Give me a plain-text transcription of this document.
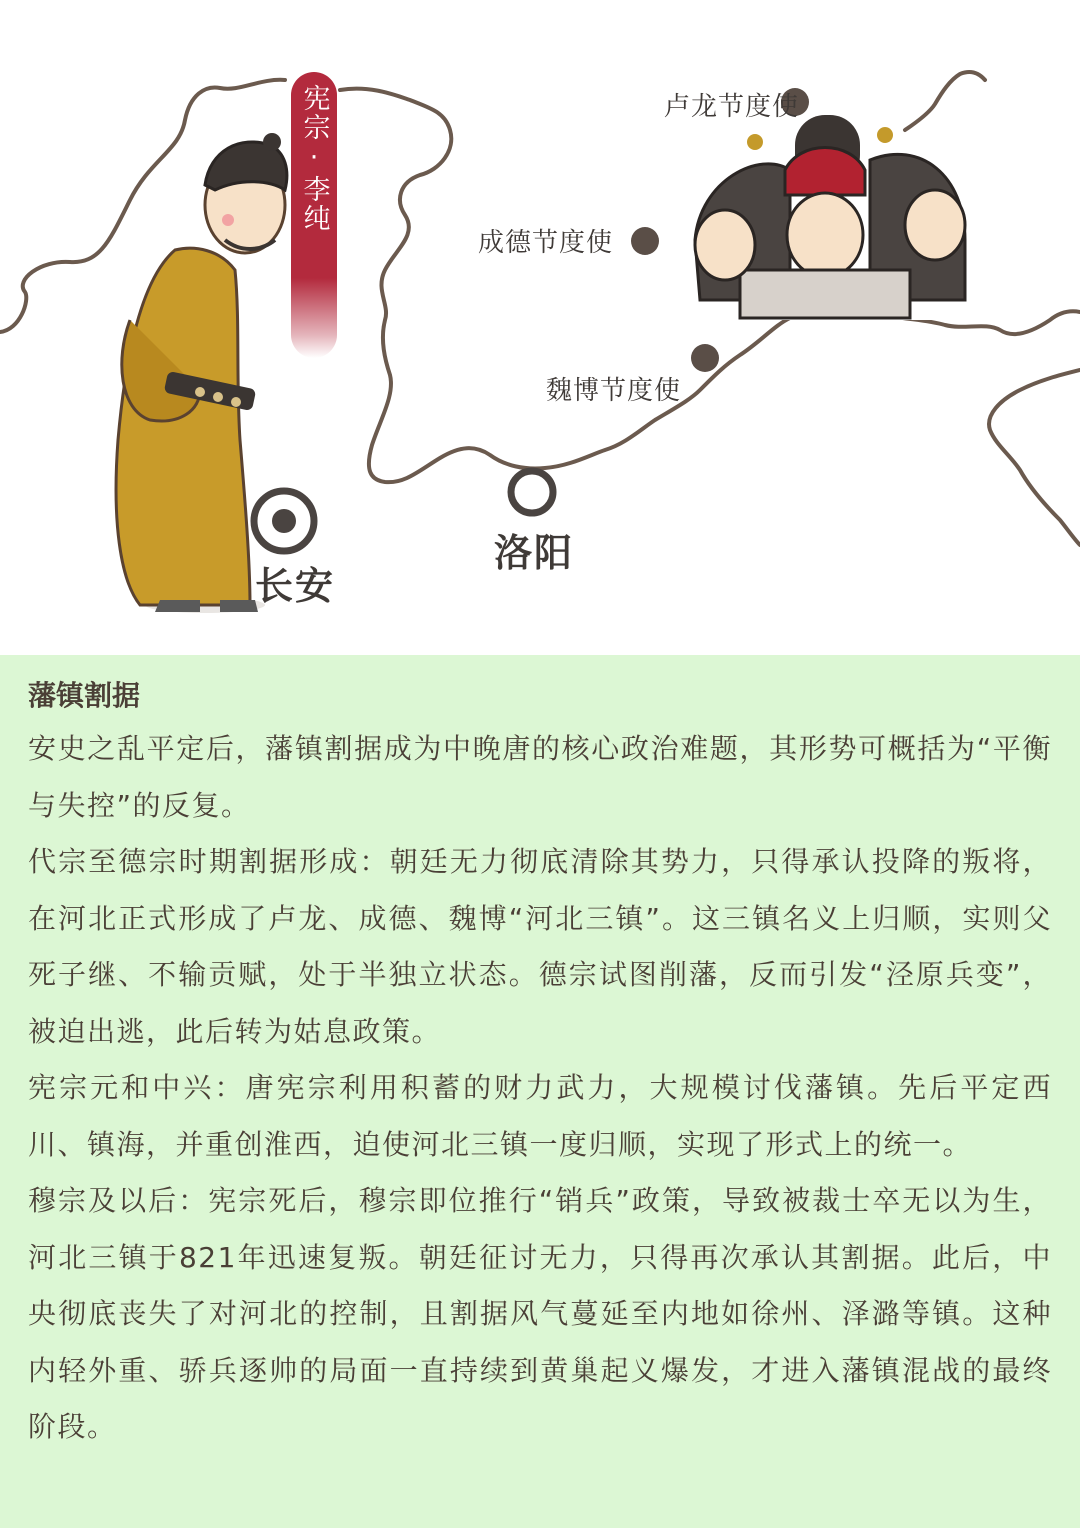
宪宗·李纯	卢龙节度使
成德节度使
魏博节度使
长安
洛阳
藩镇割据

安史之乱平定后，藩镇割据成为中晚唐的核心政治难题，其形势可概括为“平衡与失控”的反复。

代宗至德宗时期割据形成：朝廷无力彻底清除其势力，只得承认投降的叛将，在河北正式形成了卢龙、成德、魏博“河北三镇”。这三镇名义上归顺，实则父死子继、不输贡赋，处于半独立状态。德宗试图削藩，反而引发“泾原兵变”，被迫出逃，此后转为姑息政策。

宪宗元和中兴：唐宪宗利用积蓄的财力武力，大规模讨伐藩镇。先后平定西川、镇海，并重创淮西，迫使河北三镇一度归顺，实现了形式上的统一。

穆宗及以后：宪宗死后，穆宗即位推行“销兵”政策，导致被裁士卒无以为生，河北三镇于821年迅速复叛。朝廷征讨无力，只得再次承认其割据。此后，中央彻底丧失了对河北的控制，且割据风气蔓延至内地如徐州、泽潞等镇。这种内轻外重、骄兵逐帅的局面一直持续到黄巢起义爆发，才进入藩镇混战的最终阶段。
